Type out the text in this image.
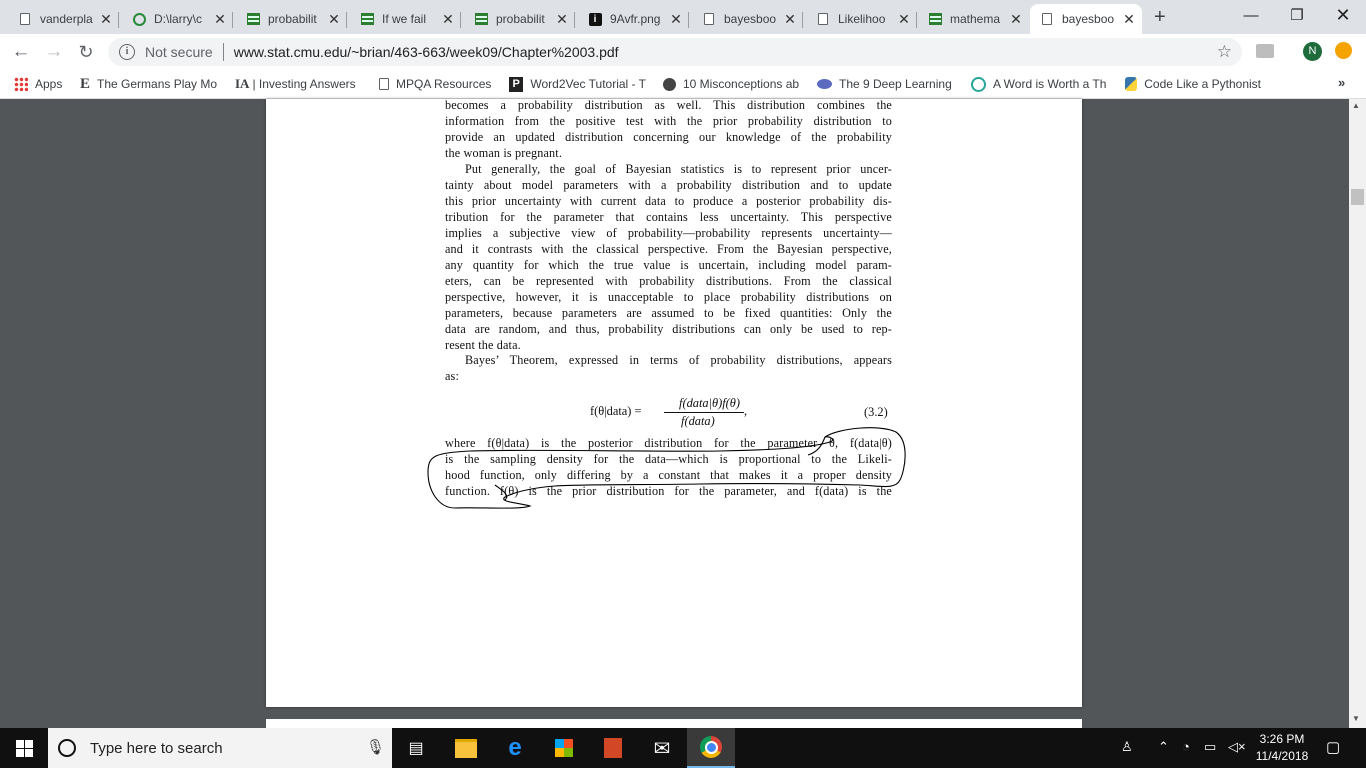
vanderpla ✕	D:\larry\c ✕	probabilit ✕	If we fail	✕	probabilit ✕	i	9Avfr.png ✕	bayesboo ✕	Likelihoo ✕	mathema ✕	bayesboo ✕ +	—	❐	✕
← → ↻	i	Not secure www.stat.cmu.edu/~brian/463-663/week09/Chapter%2003.pdf	☆	N
Apps E The Germans Play Mo IA | Investing Answers	MPQA Resources	P Word2Vec Tutorial - T	10 Misconceptions ab	The 9 Deep Learning	A Word is Worth a Th	Code Like a Pythonist	»
becomes a probability distribution as well. This distribution combines the
information from the positive test with the prior probability distribution to
provide an updated distribution concerning our knowledge of the probability
the woman is pregnant.
Put generally, the goal of Bayesian statistics is to represent prior uncer-
tainty about model parameters with a probability distribution and to update
this prior uncertainty with current data to produce a posterior probability dis-
tribution for the parameter that contains less uncertainty. This perspective
implies a subjective view of probability—probability represents uncertainty—
and it contrasts with the classical perspective. From the Bayesian perspective,
any quantity for which the true value is uncertain, including model param-
eters, can be represented with probability distributions. From the classical
perspective, however, it is unacceptable to place probability distributions on
parameters, because parameters are assumed to be fixed quantities: Only the
data are random, and thus, probability distributions can only be used to rep-
resent the data.
Bayes’ Theorem, expressed in terms of probability distributions, appears
as:
f(θ|data) =
f(data|θ)f(θ)
f(data)
,	(3.2)
where f(θ|data) is the posterior distribution for the parameter θ, f(data|θ)
is the sampling density for the data—which is proportional to the Likeli-
hood function, only differing by a constant that makes it a proper density
function. f(θ) is the prior distribution for the parameter, and f(data) is the
▲
▼
Type here to search	🎙	▤	e	✉	♙ ⌃ ◔ ▭ ◁×	3:26 PM
11/4/2018 ▢
